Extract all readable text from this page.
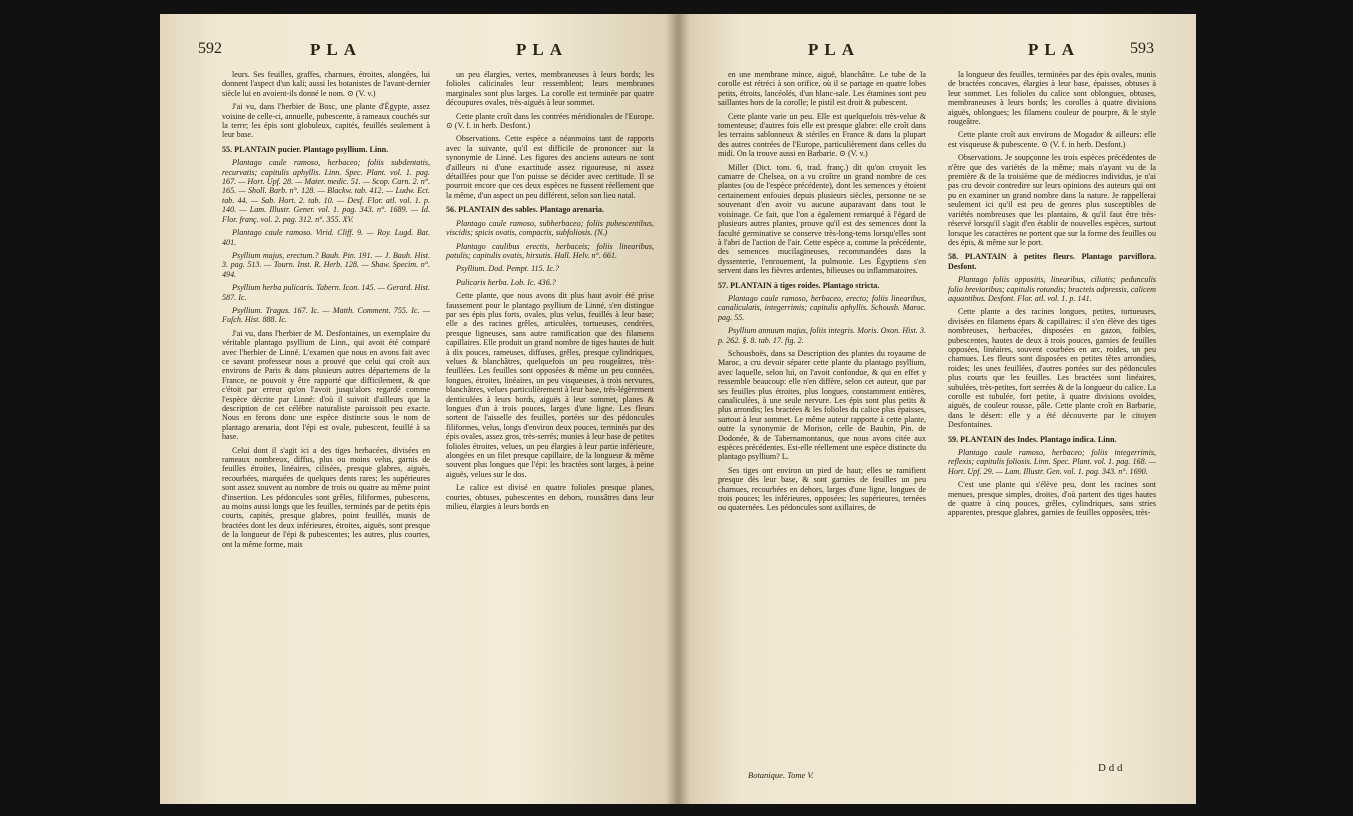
592	PLA	PLA

leurs. Ses feuilles, graffes, charnues, étroites, alongées, lui donnent l'aspect d'un kali; aussi les botanistes de l'avant-dernier siècle lui en avoient-ils donné le nom. ⊙ (V. v.)

J'ai vu, dans l'herbier de Bosc, une plante d'Égypte, assez voisine de celle-ci, annuelle, pubescente, à rameaux couchés sur la terre; les épis sont globuleux, capités, feuillés seulement à leur base.

55. PLANTAIN pucier. Plantago psyllium. Linn.

Plantago caule ramoso, herbaceo; foliis subdentatis, recurvatis; capitulis aphyllis. Linn. Spec. Plant. vol. 1. pag. 167. — Hort. Upf. 28. — Mater. medic. 51. — Scop. Carn. 2. n°. 165. — Sholl. Barb. n°. 128. — Blackw. tab. 412. — Ludw. Ect. tab. 44. — Sab. Hort. 2. tab. 10. — Desf. Flor. atl. vol. 1. p. 140. — Lam. Illustr. Gener. vol. 1. pag. 343. n°. 1689. — Id. Flor. franç. vol. 2. pag. 312. n°. 355. XV.

Plantago caule ramoso. Virid. Cliff. 9. — Roy. Lugd. Bat. 401.

Psyllium majus, erectum.? Bauh. Pin. 191. — J. Bauh. Hist. 3. pag. 513. — Tourn. Inst. R. Herb. 128. — Shaw. Specim. n°. 494.

Psyllium herba pulicaris. Tabern. Icon. 145. — Gerard. Hist. 587. Ic.

Psyllium. Tragus. 167. Ic. — Matth. Comment. 755. Ic. — Fuſch. Hist. 888. Ic.

J'ai vu, dans l'herbier de M. Desfontaines, un exemplaire du véritable plantago psyllium de Linn., qui avoit été comparé avec l'herbier de Linné. L'examen que nous en avons fait avec ce savant professeur nous a prouvé que celui qui croît aux environs de Paris & dans plusieurs autres départemens de la France, ne pouvoit y être rapporté que difficilement, & que c'étoit par erreur qu'on l'avoit jusqu'alors regardé comme l'espèce décrite par Linné: d'où il suivoit d'ailleurs que la description de cet célèbre naturaliste paroissoit peu exacte. Nous en ferons donc une espèce distincte sous le nom de plantago arenaria, dont l'épi est ovale, pubescent, feuillé à sa base.

Celui dont il s'agit ici a des tiges herbacées, divisées en rameaux nombreux, diffus, plus ou moins velus, garnis de feuilles étroites, linéaires, cilisées, presque glabres, aiguës, recourbées, marquées de quelques dents rares; les supérieures sont assez souvent au nombre de trois ou quatre au même point d'insertion. Les pédoncules sont grêles, filiformes, pubescens, au moins aussi longs que les feuilles, terminés par de petits épis courts, capités, presque glabres, point feuillés, munis de bractées dont les deux inférieures, étroites, aiguës, sont presque de la longueur de l'épi & pubescentes; les autres, plus courtes, ont la même forme, mais

un peu élargies, vertes, membraneuses à leurs bords; les folioles calicinales leur ressemblent; leurs membranes marginales sont plus larges. La corolle est terminée par quatre découpures ovales, très-aiguës à leur sommet.

Cette plante croît dans les contrées méridionales de l'Europe. ⊙ (V. f. in herb. Desfont.)

Observations. Cette espèce a néanmoins tant de rapports avec la suivante, qu'il est difficile de prononcer sur la synonymie de Linné. Les figures des anciens auteurs ne sont d'ailleurs ni d'une exactitude assez rigoureuse, ni assez détaillées pour que l'on puisse se décider avec certitude. Il se pourroit encore que ces deux espèces ne fussent réellement que la même, d'un aspect un peu différent, selon son lieu natal.

56. PLANTAIN des sables. Plantago arenaria.

Plantago caule ramoso, subherbaceo; foliis pubescentibus, viscidis; spicis ovatis, compactis, subfoliosis. (N.)

Plantago caulibus erectis, herbaceis; foliis linearibus, patulis; capitulis ovatis, hirsutis. Hall. Helv. n°. 661.

Psyllium. Dod. Pempt. 115. Ic.?

Pulicaris herba. Lob. Ic. 436.?

Cette plante, que nous avons dit plus haut avoir été prise faussement pour le plantago psyllium de Linné, s'en distingue par ses épis plus forts, ovales, plus velus, feuillés à leur base; elle a des racines grêles, articulées, tortueuses, cendrées, presque ligneuses, sans autre ramification que des filamens capillaires. Elle produit un grand nombre de tiges hautes de huit à dix pouces, rameuses, diffuses, grêles, presque cylindriques, velues & blanchâtres, quelquefois un peu rougeâtres, très-feuillées. Les feuilles sont opposées & même un peu connées, longues, étroites, linéaires, un peu visqueuses, à trois nervures, blanchâtres, velues particulièrement à leur base, très-légèrement denticulées à leurs bords, aiguës à leur sommet, planes & longues d'un à trois pouces, larges d'une ligne. Les fleurs sortent de l'aisselle des feuilles, portées sur des pédoncules filiformes, velus, longs d'environ deux pouces, terminés par des épis ovales, assez gros, très-serrés; munies à leur base de petites folioles étroites, velues, un peu élargies à leur partie inférieure, alongées en un filet presque capillaire, de la longueur & même souvent plus longues que l'épi: les bractées sont larges, à peine aiguës, velues sur le dos.

Le calice est divisé en quatre folioles presque planes, courtes, obtuses, pubescentes en dehors, roussâtres dans leur milieu, élargies à leurs bords en

PLA	PLA	593

en une membrane mince, aiguë, blanchâtre. Le tube de la corolle est rétréci à son orifice, où il se partage en quatre lobes petits, étroits, lancéolés, d'un blanc-sale. Les étamines sont peu saillantes hors de la corolle; le pistil est droit & pubescent.

Cette plante varie un peu. Elle est quelquefois très-velue & tomenteuse; d'autres fois elle est presque glabre: elle croît dans les terrains sablonneux & stériles en France & dans la plupart des autres contrées de l'Europe, particulièrement dans celles du midi. On la trouve aussi en Barbarie. ⊙ (V. v.)

Miller (Dict. tom. 6, trad. franç.) dit qu'on croyoit les camarre de Chelsea, on a vu croître un grand nombre de ces plantes (ou de l'espèce précédente), dont les semences y étoient certainement enfouies depuis plusieurs siècles, personne ne se souvenant d'en avoir vu aucune auparavant dans tout le voisinage. Ce fait, que l'on a également remarqué à l'égard de plusieurs autres plantes, prouve qu'il est des semences dont la faculté germinative se conserve très-long-tems lorsqu'elles sont à l'abri de l'action de l'air. Cette espèce a, comme la précédente, des semences mucilagineuses, recommandées dans la dyssenterie, l'enrouement, la pulmonie. Les Égyptiens s'en servent dans les fièvres ardentes, bilieuses ou inflammatoires.

57. PLANTAIN à tiges roides. Plantago stricta.

Plantago caule ramoso, herbaceo, erecto; foliis linearibus, canaliculatis, integerrimis; capitulis aphyllis. Schousb. Maroc. pag. 55.

Psyllium annuum majus, foliis integris. Moris. Oxon. Hist. 3. p. 262. §. 8. tab. 17. fig. 2.

Schousboës, dans sa Description des plantes du royaume de Maroc, a cru devoir séparer cette plante du plantago psyllium, avec laquelle, selon lui, on l'avoit confondue, & qui en effet y ressemble beaucoup: elle n'en diffère, selon cet auteur, que par ses feuilles plus étroites, plus longues, constamment entières, canaliculées, à une seule nervure. Les épis sont plus petits & plus arrondis; les bractées & les folioles du calice plus épaisses, surtout à leur sommet. Le même auteur rapporte à cette plante, outre la synonymie de Morison, celle de Bauhin, Pin. de Dodonée, & de Tabernamontanus, que nous avons citée aux espèces précédentes. Est-elle réellement une espèce distincte du plantago psyllium? L.

Ses tiges ont environ un pied de haut; elles se ramifient presque dès leur base, & sont garnies de feuilles un peu charnues, recourbées en dehors, larges d'une ligne, longues de trois pouces; les inférieures, opposées; les supérieures, ternées ou quaternées. Les pédoncules sont axillaires, de

la longueur des feuilles, terminées par des épis ovales, munis de bractées concaves, élargies à leur base, épaisses, obtuses à leur sommet. Les folioles du calice sont oblongues, obtuses, membraneuses à leurs bords; les corolles à quatre divisions aiguës, oblongues; les filamens couleur de pourpre, & le style rougeâtre.

Cette plante croît aux environs de Mogador & ailleurs: elle est visqueuse & pubescente. ⊙ (V. f. in herb. Desfont.)

Observations. Je soupçonne les trois espèces précédentes de n'être que des variétés de la même; mais n'ayant vu de la première & de la troisième que de médiocres individus, je n'ai pas cru devoir contredire sur leurs opinions des auteurs qui ont pu en examiner un grand nombre dans la nature. Je rappellerai seulement ici qu'il est peu de genres plus susceptibles de variétés nombreuses que les plantains, & qu'il faut être très-réservé lorsqu'il s'agit d'en établir de nouvelles espèces, surtout lorsque les caractères ne portent que sur la forme des feuilles ou des épis, & même sur le port.

58. PLANTAIN à petites fleurs. Plantago parviflora. Desfont.

Plantago foliis oppositis, linearibus, ciliatis; pedunculis folio brevioribus; capitulis rotundis; bracteis adpressis, calicem aquantibus. Desfont. Flor. atl. vol. 1. p. 141.

Cette plante a des racines longues, petites, tortueuses, divisées en filamens épars & capillaires: il s'en élève des tiges nombreuses, herbacées, disposées en gazon, foibles, pubescentes, hautes de deux à trois pouces, garnies de feuilles opposées, linéaires, souvent courbées en arc, roides, un peu charnues. Les fleurs sont disposées en petites têtes arrondies, roides; les unes feuillées, d'autres portées sur des pédoncules plus courts que les feuilles. Les bractées sont linéaires, subulées, très-petites, fort serrées & de la longueur du calice. La corolle est tubulée, fort petite, à quatre divisions ovoïdes, aiguës, de couleur rousse, pâle. Cette plante croît en Barbarie, dans le désert: elle y a été découverte par le citoyen Desfontaines.

59. PLANTAIN des Indes. Plantago indica. Linn.

Plantago caule ramoso, herbaceo; foliis integerrimis, reflexis; capitulis foliosis. Linn. Spec. Plant. vol. 1. pag. 168. — Hort. Upf. 29. — Lam. Illustr. Gen. vol. 1. pag. 343. n°. 1690.

C'est une plante qui s'élève peu, dont les racines sont menues, presque simples, droites, d'où partent des tiges hautes de quatre à cinq pouces, grêles, cylindriques, sans stries apparentes, presque glabres, garnies de feuilles opposées, très-

Botanique. Tome V.
D d d
